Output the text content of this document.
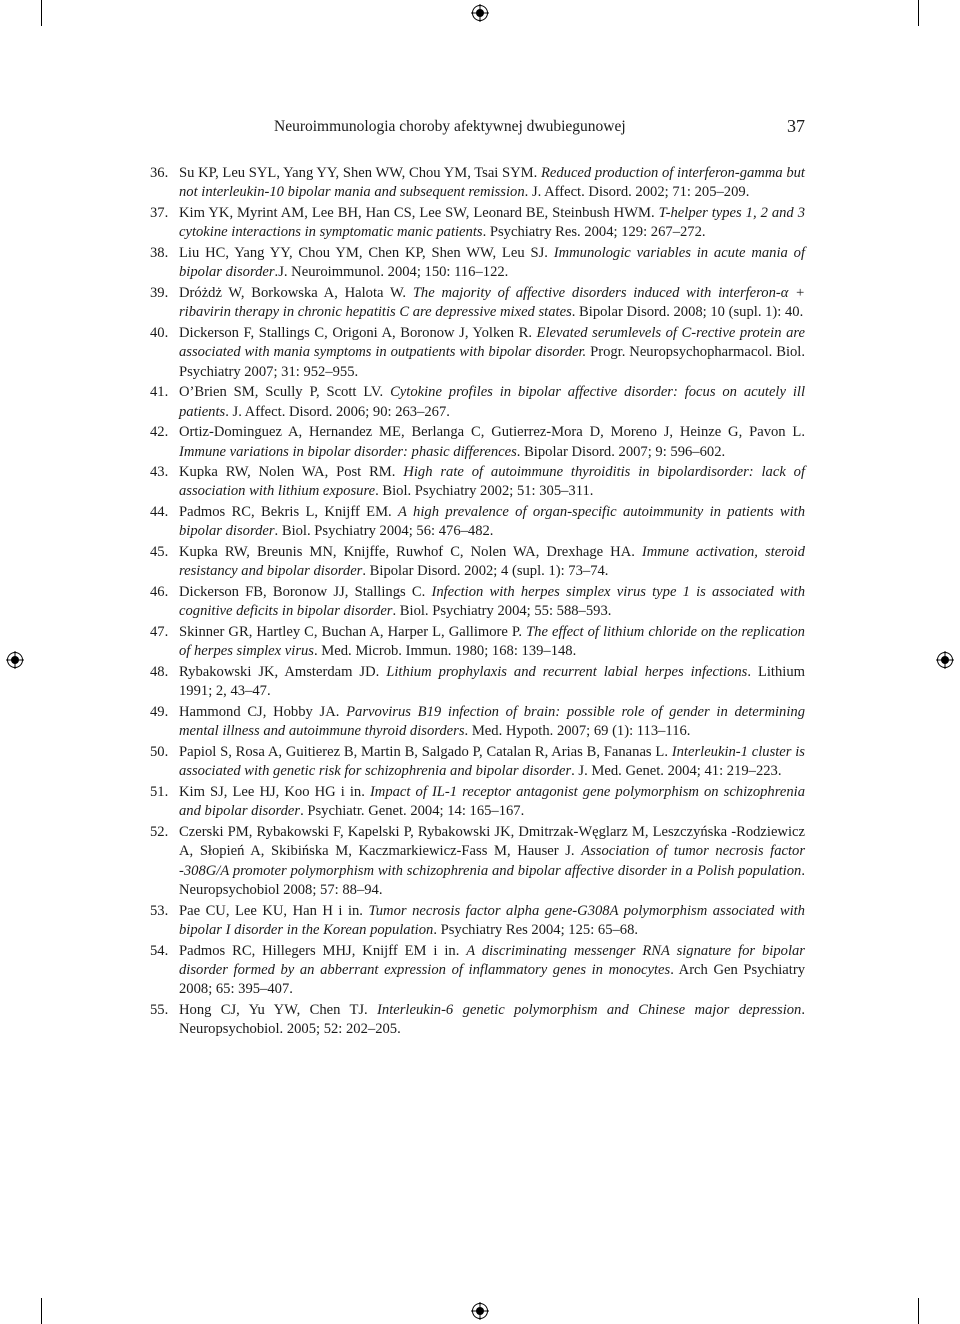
Neuroimmunologia choroby afektywnej dwubiegunowej	37
36. Su KP, Leu SYL, Yang YY, Shen WW, Chou YM, Tsai SYM. Reduced production of interferon-gamma but not interleukin-10 bipolar mania and subsequent remission. J. Affect. Disord. 2002; 71: 205–209.
37. Kim YK, Myrint AM, Lee BH, Han CS, Lee SW, Leonard BE, Steinbush HWM. T-helper types 1, 2 and 3 cytokine interactions in symptomatic manic patients. Psychiatry Res. 2004; 129: 267–272.
38. Liu HC, Yang YY, Chou YM, Chen KP, Shen WW, Leu SJ. Immunologic variables in acute mania of bipolar disorder.J. Neuroimmunol. 2004; 150: 116–122.
39. Dróżdż W, Borkowska A, Halota W. The majority of affective disorders induced with interferon-α + ribavirin therapy in chronic hepatitis C are depressive mixed states. Bipolar Disord. 2008; 10 (supl. 1): 40.
40. Dickerson F, Stallings C, Origoni A, Boronow J, Yolken R. Elevated serumlevels of C-rective protein are associated with mania symptoms in outpatients with bipolar disorder. Progr. Neuropsychopharmacol. Biol. Psychiatry 2007; 31: 952–955.
41. O’Brien SM, Scully P, Scott LV. Cytokine profiles in bipolar affective disorder: focus on acutely ill patients. J. Affect. Disord. 2006; 90: 263–267.
42. Ortiz-Dominguez A, Hernandez ME, Berlanga C, Gutierrez-Mora D, Moreno J, Heinze G, Pavon L. Immune variations in bipolar disorder: phasic differences. Bipolar Disord. 2007; 9: 596–602.
43. Kupka RW, Nolen WA, Post RM. High rate of autoimmune thyroiditis in bipolardisorder: lack of association with lithium exposure. Biol. Psychiatry 2002; 51: 305–311.
44. Padmos RC, Bekris L, Knijff EM. A high prevalence of organ-specific autoimmunity in patients with bipolar disorder. Biol. Psychiatry 2004; 56: 476–482.
45. Kupka RW, Breunis MN, Knijffe, Ruwhof C, Nolen WA, Drexhage HA. Immune activation, steroid resistancy and bipolar disorder. Bipolar Disord. 2002; 4 (supl. 1): 73–74.
46. Dickerson FB, Boronow JJ, Stallings C. Infection with herpes simplex virus type 1 is associated with cognitive deficits in bipolar disorder. Biol. Psychiatry 2004; 55: 588–593.
47. Skinner GR, Hartley C, Buchan A, Harper L, Gallimore P. The effect of lithium chloride on the replication of herpes simplex virus. Med. Microb. Immun. 1980; 168: 139–148.
48. Rybakowski JK, Amsterdam JD. Lithium prophylaxis and recurrent labial herpes infections. Lithium 1991; 2, 43–47.
49. Hammond CJ, Hobby JA. Parvovirus B19 infection of brain: possible role of gender in determining mental illness and autoimmune thyroid disorders. Med. Hypoth. 2007; 69 (1): 113–116.
50. Papiol S, Rosa A, Guitierez B, Martin B, Salgado P, Catalan R, Arias B, Fananas L. Interleukin-1 cluster is associated with genetic risk for schizophrenia and bipolar disorder. J. Med. Genet. 2004; 41: 219–223.
51. Kim SJ, Lee HJ, Koo HG i in. Impact of IL-1 receptor antagonist gene polymorphism on schizophrenia and bipolar disorder. Psychiatr. Genet. 2004; 14: 165–167.
52. Czerski PM, Rybakowski F, Kapelski P, Rybakowski JK, Dmitrzak-Węglarz M, Leszczyńska -Rodziewicz A, Słopień A, Skibińska M, Kaczmarkiewicz-Fass M, Hauser J. Association of tumor necrosis factor -308G/A promoter polymorphism with schizophrenia and bipolar affective disorder in a Polish population. Neuropsychobiol 2008; 57: 88–94.
53. Pae CU, Lee KU, Han H i in. Tumor necrosis factor alpha gene-G308A polymorphism associated with bipolar I disorder in the Korean population. Psychiatry Res 2004; 125: 65–68.
54. Padmos RC, Hillegers MHJ, Knijff EM i in. A discriminating messenger RNA signature for bipolar disorder formed by an abberrant expression of inflammatory genes in monocytes. Arch Gen Psychiatry 2008; 65: 395–407.
55. Hong CJ, Yu YW, Chen TJ. Interleukin-6 genetic polymorphism and Chinese major depression. Neuropsychobiol. 2005; 52: 202–205.
